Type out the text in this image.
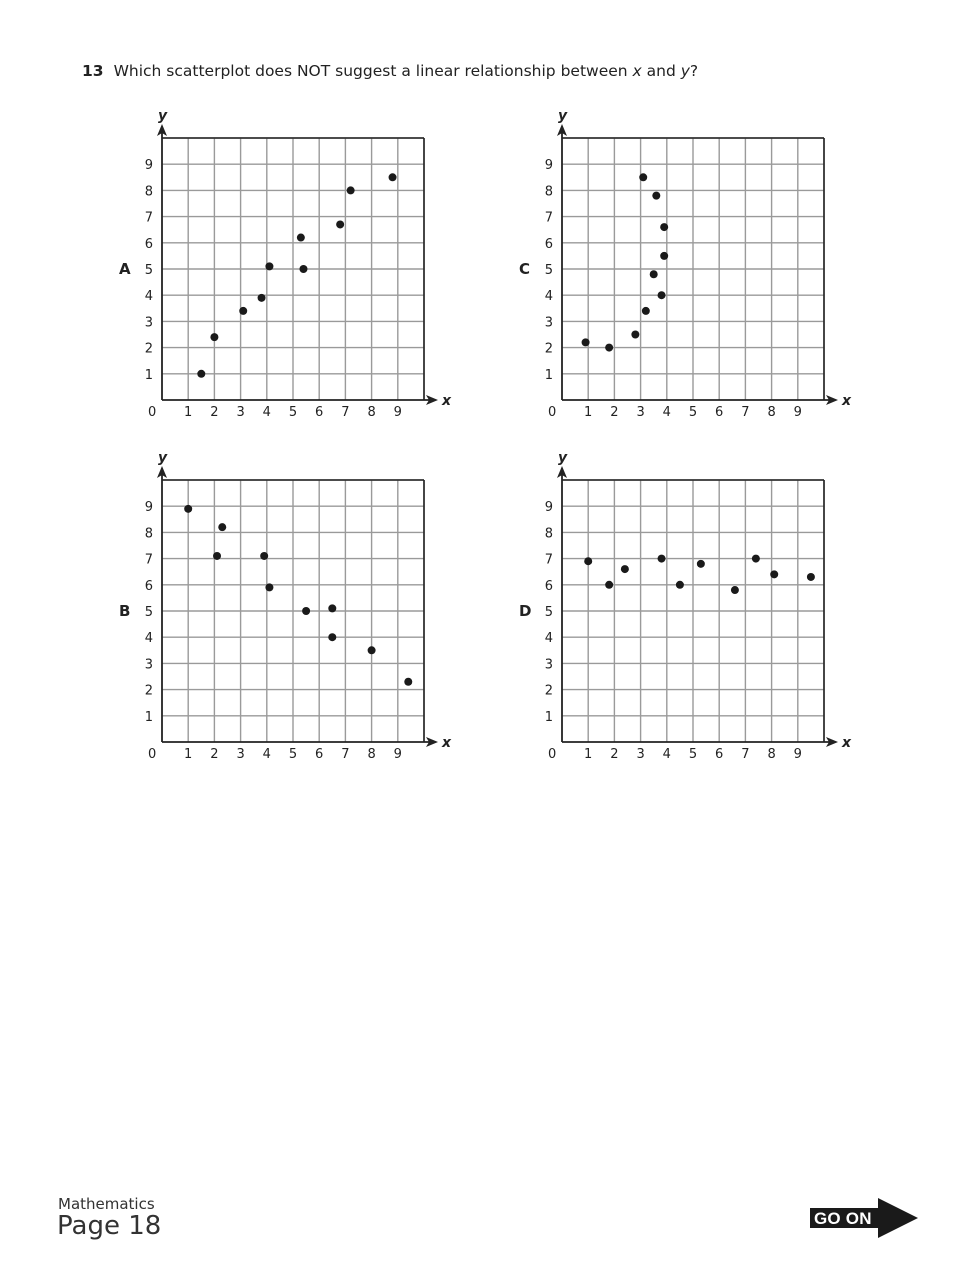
13 Which scatterplot does NOT suggest a linear relationship between x and y?
A
x
y
0 1 2 3 4 5 6 7 8 9
1
2
3
4
5
6
7
8
9
C
x
y
0 1 2 3 4 5 6 7 8 9
1
2
3
4
5
6
7
8
9
B
x
y
0 1 2 3 4 5 6 7 8 9
1
2
3
4
5
6
7
8
9
D
x
y
0 1 2 3 4 5 6 7 8 9
1
2
3
4
5
6
7
8
9
Mathematics
Page 18	GO ON
